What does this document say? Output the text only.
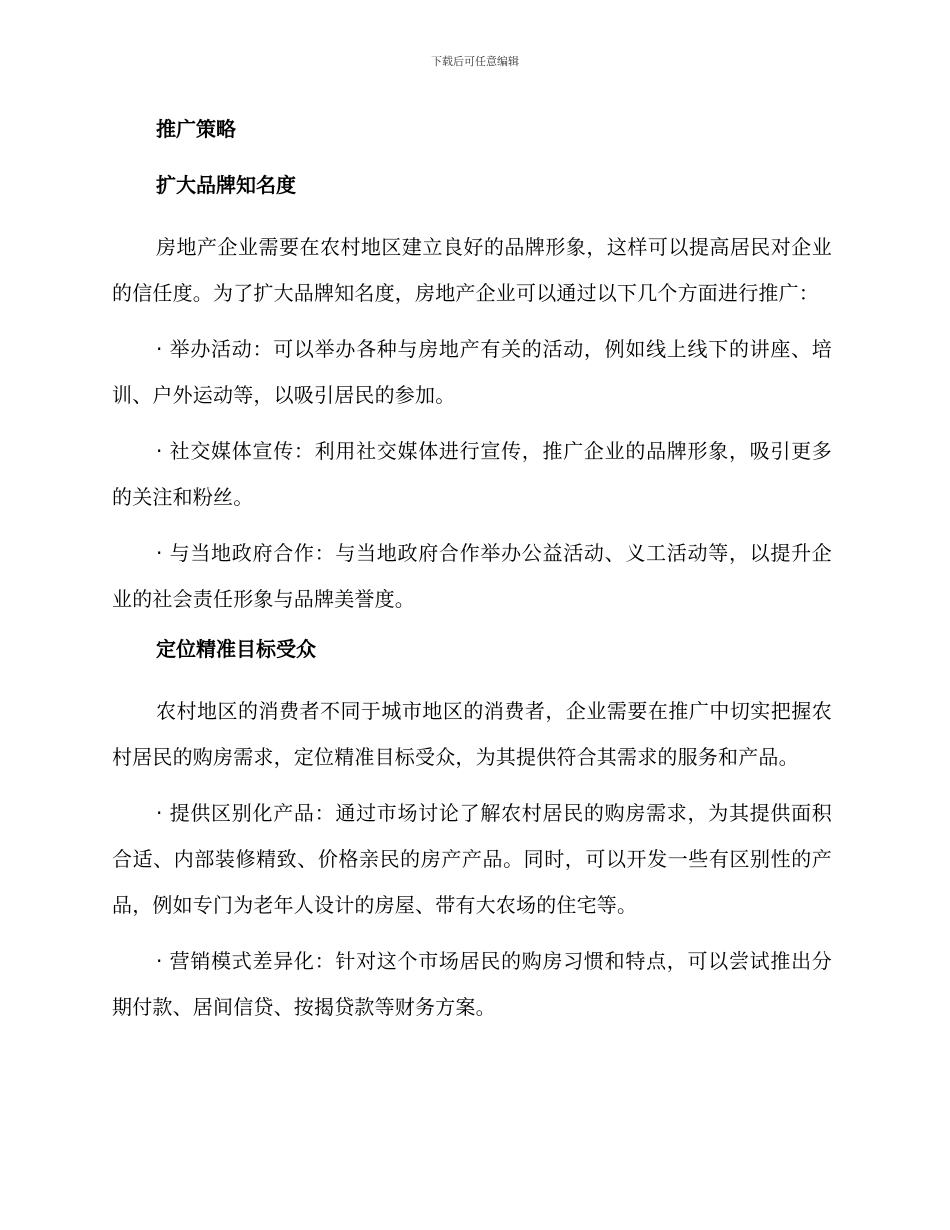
下载后可任意编辑
推广策略
扩大品牌知名度

房地产企业需要在农村地区建立良好的品牌形象，这样可以提高居民对企业的信任度。为了扩大品牌知名度，房地产企业可以通过以下几个方面进行推广：

· 举办活动：可以举办各种与房地产有关的活动，例如线上线下的讲座、培训、户外运动等，以吸引居民的参加。

· 社交媒体宣传：利用社交媒体进行宣传，推广企业的品牌形象，吸引更多的关注和粉丝。

· 与当地政府合作：与当地政府合作举办公益活动、义工活动等，以提升企业的社会责任形象与品牌美誉度。

定位精准目标受众

农村地区的消费者不同于城市地区的消费者，企业需要在推广中切实把握农村居民的购房需求，定位精准目标受众，为其提供符合其需求的服务和产品。

· 提供区别化产品：通过市场讨论了解农村居民的购房需求，为其提供面积合适、内部装修精致、价格亲民的房产产品。同时，可以开发一些有区别性的产品，例如专门为老年人设计的房屋、带有大农场的住宅等。

· 营销模式差异化：针对这个市场居民的购房习惯和特点，可以尝试推出分期付款、居间信贷、按揭贷款等财务方案。
